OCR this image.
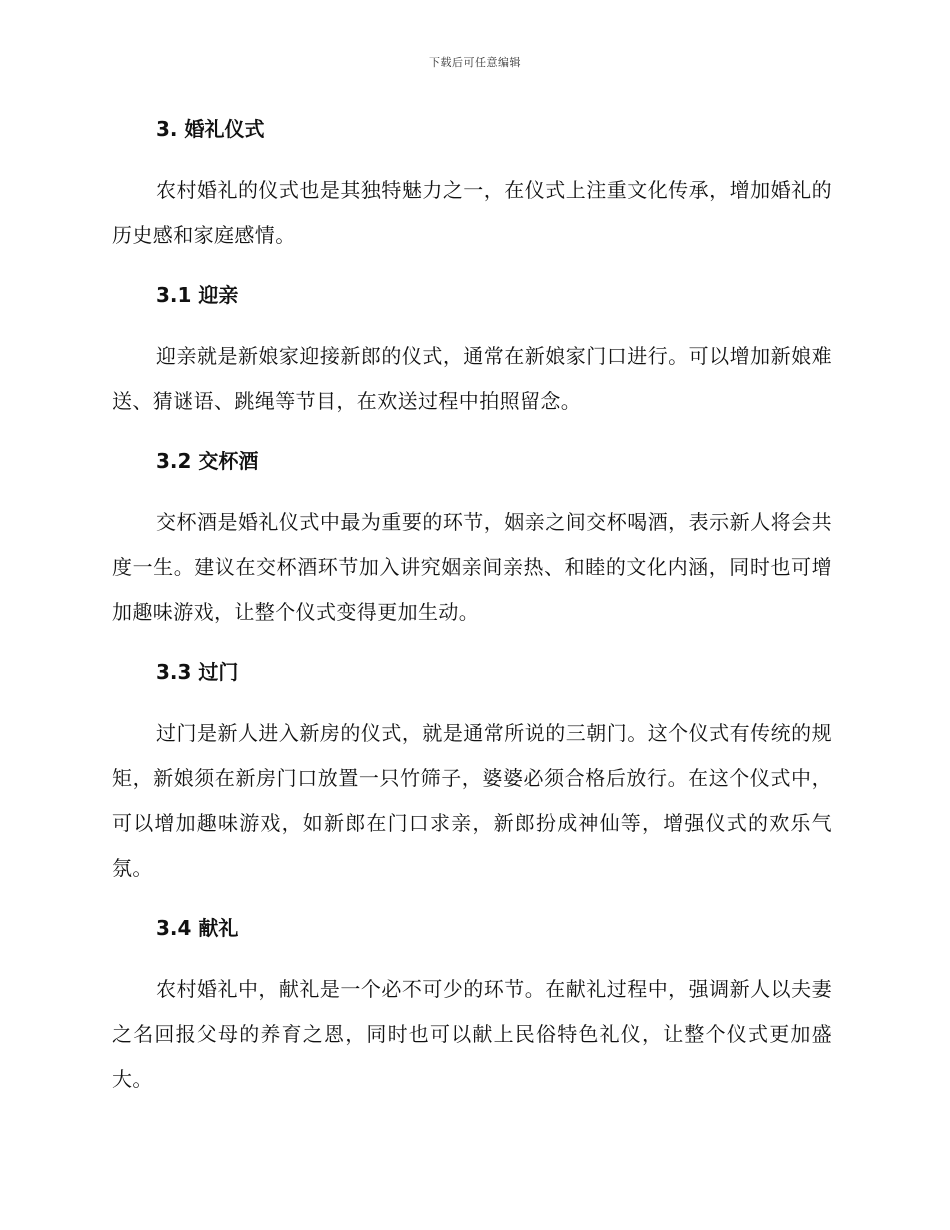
下载后可任意编辑
3. 婚礼仪式

农村婚礼的仪式也是其独特魅力之一，在仪式上注重文化传承，增加婚礼的历史感和家庭感情。

3.1 迎亲

迎亲就是新娘家迎接新郎的仪式，通常在新娘家门口进行。可以增加新娘难送、猜谜语、跳绳等节目，在欢送过程中拍照留念。

3.2 交杯酒

交杯酒是婚礼仪式中最为重要的环节，姻亲之间交杯喝酒，表示新人将会共度一生。建议在交杯酒环节加入讲究姻亲间亲热、和睦的文化内涵，同时也可增加趣味游戏，让整个仪式变得更加生动。

3.3 过门

过门是新人进入新房的仪式，就是通常所说的三朝门。这个仪式有传统的规矩，新娘须在新房门口放置一只竹筛子，婆婆必须合格后放行。在这个仪式中，可以增加趣味游戏，如新郎在门口求亲，新郎扮成神仙等，增强仪式的欢乐气氛。

3.4 献礼

农村婚礼中，献礼是一个必不可少的环节。在献礼过程中，强调新人以夫妻之名回报父母的养育之恩，同时也可以献上民俗特色礼仪，让整个仪式更加盛大。
